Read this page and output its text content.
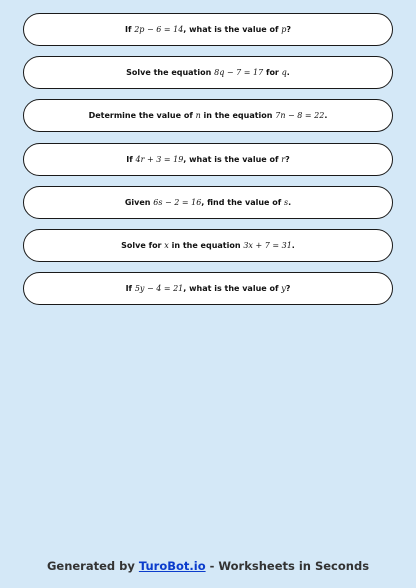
If 2p − 6 = 14, what is the value of p?
Solve the equation 8q − 7 = 17 for q.
Determine the value of n in the equation 7n − 8 = 22.
If 4r + 3 = 19, what is the value of r?
Given 6s − 2 = 16, find the value of s.
Solve for x in the equation 3x + 7 = 31.
If 5y − 4 = 21, what is the value of y?
Generated by TuroBot.io - Worksheets in Seconds
